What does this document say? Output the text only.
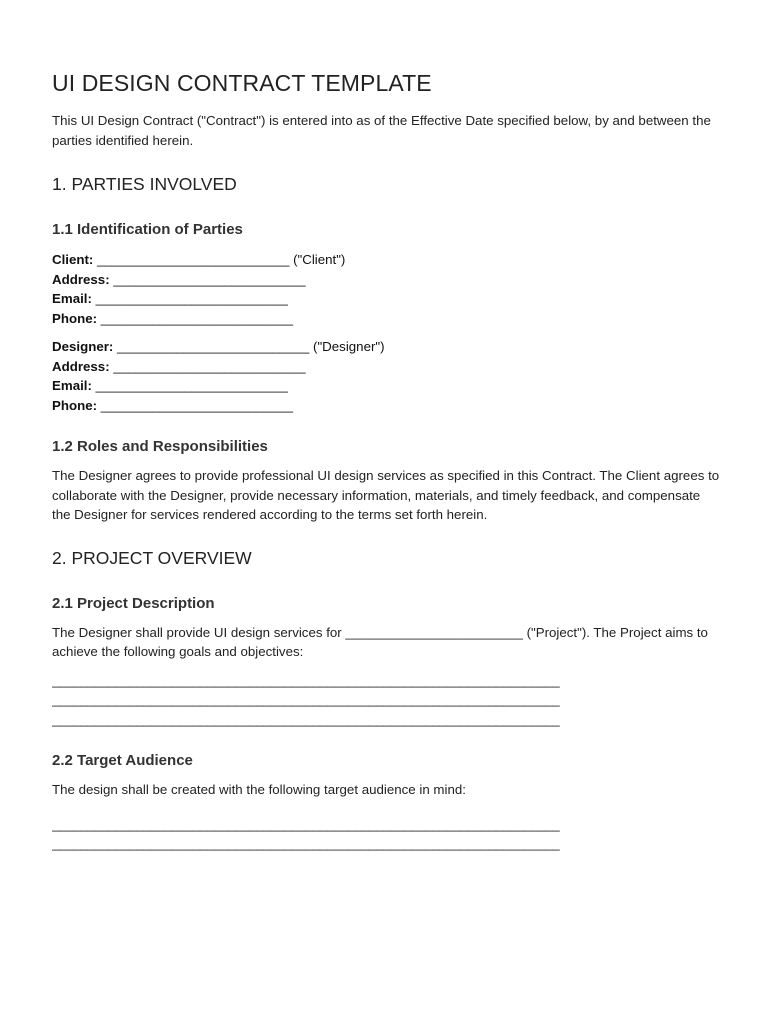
UI DESIGN CONTRACT TEMPLATE

This UI Design Contract ("Contract") is entered into as of the Effective Date specified below, by and between the parties identified herein.

1. PARTIES INVOLVED
1.1 Identification of Parties
Client: __________________________ ("Client")
Address: __________________________
Email: __________________________
Phone: __________________________
Designer: __________________________ ("Designer")
Address: __________________________
Email: __________________________
Phone: __________________________
1.2 Roles and Responsibilities

The Designer agrees to provide professional UI design services as specified in this Contract. The Client agrees to collaborate with the Designer, provide necessary information, materials, and timely feedback, and compensate the Designer for services rendered according to the terms set forth herein.

2. PROJECT OVERVIEW
2.1 Project Description

The Designer shall provide UI design services for ________________________ ("Project"). The Project aims to achieve the following goals and objectives:

________________________________________________________________________
________________________________________________________________________
________________________________________________________________________
2.2 Target Audience

The design shall be created with the following target audience in mind:

________________________________________________________________________
________________________________________________________________________
